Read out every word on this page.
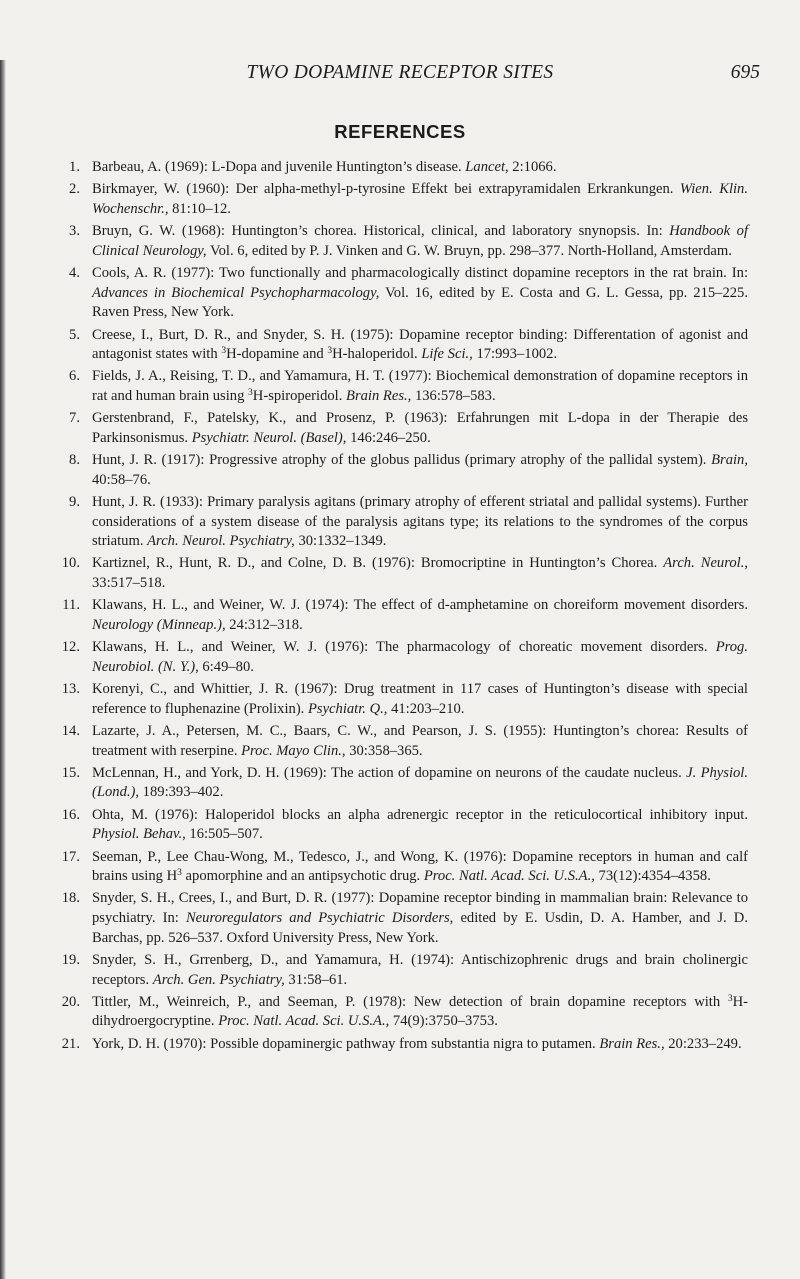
TWO DOPAMINE RECEPTOR SITES	695
REFERENCES
1. Barbeau, A. (1969): L-Dopa and juvenile Huntington’s disease. Lancet, 2:1066.
2. Birkmayer, W. (1960): Der alpha-methyl-p-tyrosine Effekt bei extrapyramidalen Erkrankungen. Wien. Klin. Wochenschr., 81:10–12.
3. Bruyn, G. W. (1968): Huntington’s chorea. Historical, clinical, and laboratory snynopsis. In: Handbook of Clinical Neurology, Vol. 6, edited by P. J. Vinken and G. W. Bruyn, pp. 298–377. North-Holland, Amsterdam.
4. Cools, A. R. (1977): Two functionally and pharmacologically distinct dopamine receptors in the rat brain. In: Advances in Biochemical Psychopharmacology, Vol. 16, edited by E. Costa and G. L. Gessa, pp. 215–225. Raven Press, New York.
5. Creese, I., Burt, D. R., and Snyder, S. H. (1975): Dopamine receptor binding: Differentation of agonist and antagonist states with $^3$H-dopamine and $^3$H-haloperidol. Life Sci., 17:993–1002.
6. Fields, J. A., Reising, T. D., and Yamamura, H. T. (1977): Biochemical demonstration of dopamine receptors in rat and human brain using $^3$H-spiroperidol. Brain Res., 136:578–583.
7. Gerstenbrand, F., Patelsky, K., and Prosenz, P. (1963): Erfahrungen mit L-dopa in der Therapie des Parkinsonismus. Psychiatr. Neurol. (Basel), 146:246–250.
8. Hunt, J. R. (1917): Progressive atrophy of the globus pallidus (primary atrophy of the pallidal system). Brain, 40:58–76.
9. Hunt, J. R. (1933): Primary paralysis agitans (primary atrophy of efferent striatal and pallidal systems). Further considerations of a system disease of the paralysis agitans type; its relations to the syndromes of the corpus striatum. Arch. Neurol. Psychiatry, 30:1332–1349.
10. Kartiznel, R., Hunt, R. D., and Colne, D. B. (1976): Bromocriptine in Huntington’s Chorea. Arch. Neurol., 33:517–518.
11. Klawans, H. L., and Weiner, W. J. (1974): The effect of d-amphetamine on choreiform movement disorders. Neurology (Minneap.), 24:312–318.
12. Klawans, H. L., and Weiner, W. J. (1976): The pharmacology of choreatic movement disorders. Prog. Neurobiol. (N. Y.), 6:49–80.
13. Korenyi, C., and Whittier, J. R. (1967): Drug treatment in 117 cases of Huntington’s disease with special reference to fluphenazine (Prolixin). Psychiatr. Q., 41:203–210.
14. Lazarte, J. A., Petersen, M. C., Baars, C. W., and Pearson, J. S. (1955): Huntington’s chorea: Results of treatment with reserpine. Proc. Mayo Clin., 30:358–365.
15. McLennan, H., and York, D. H. (1969): The action of dopamine on neurons of the caudate nucleus. J. Physiol. (Lond.), 189:393–402.
16. Ohta, M. (1976): Haloperidol blocks an alpha adrenergic receptor in the reticulocortical inhibitory input. Physiol. Behav., 16:505–507.
17. Seeman, P., Lee Chau-Wong, M., Tedesco, J., and Wong, K. (1976): Dopamine receptors in human and calf brains using $H^3$ apomorphine and an antipsychotic drug. Proc. Natl. Acad. Sci. U.S.A., 73(12):4354–4358.
18. Snyder, S. H., Crees, I., and Burt, D. R. (1977): Dopamine receptor binding in mammalian brain: Relevance to psychiatry. In: Neuroregulators and Psychiatric Disorders, edited by E. Usdin, D. A. Hamber, and J. D. Barchas, pp. 526–537. Oxford University Press, New York.
19. Snyder, S. H., Grrenberg, D., and Yamamura, H. (1974): Antischizophrenic drugs and brain cholinergic receptors. Arch. Gen. Psychiatry, 31:58–61.
20. Tittler, M., Weinreich, P., and Seeman, P. (1978): New detection of brain dopamine receptors with $^3$H-dihydroergocryptine. Proc. Natl. Acad. Sci. U.S.A., 74(9):3750–3753.
21. York, D. H. (1970): Possible dopaminergic pathway from substantia nigra to putamen. Brain Res., 20:233–249.
